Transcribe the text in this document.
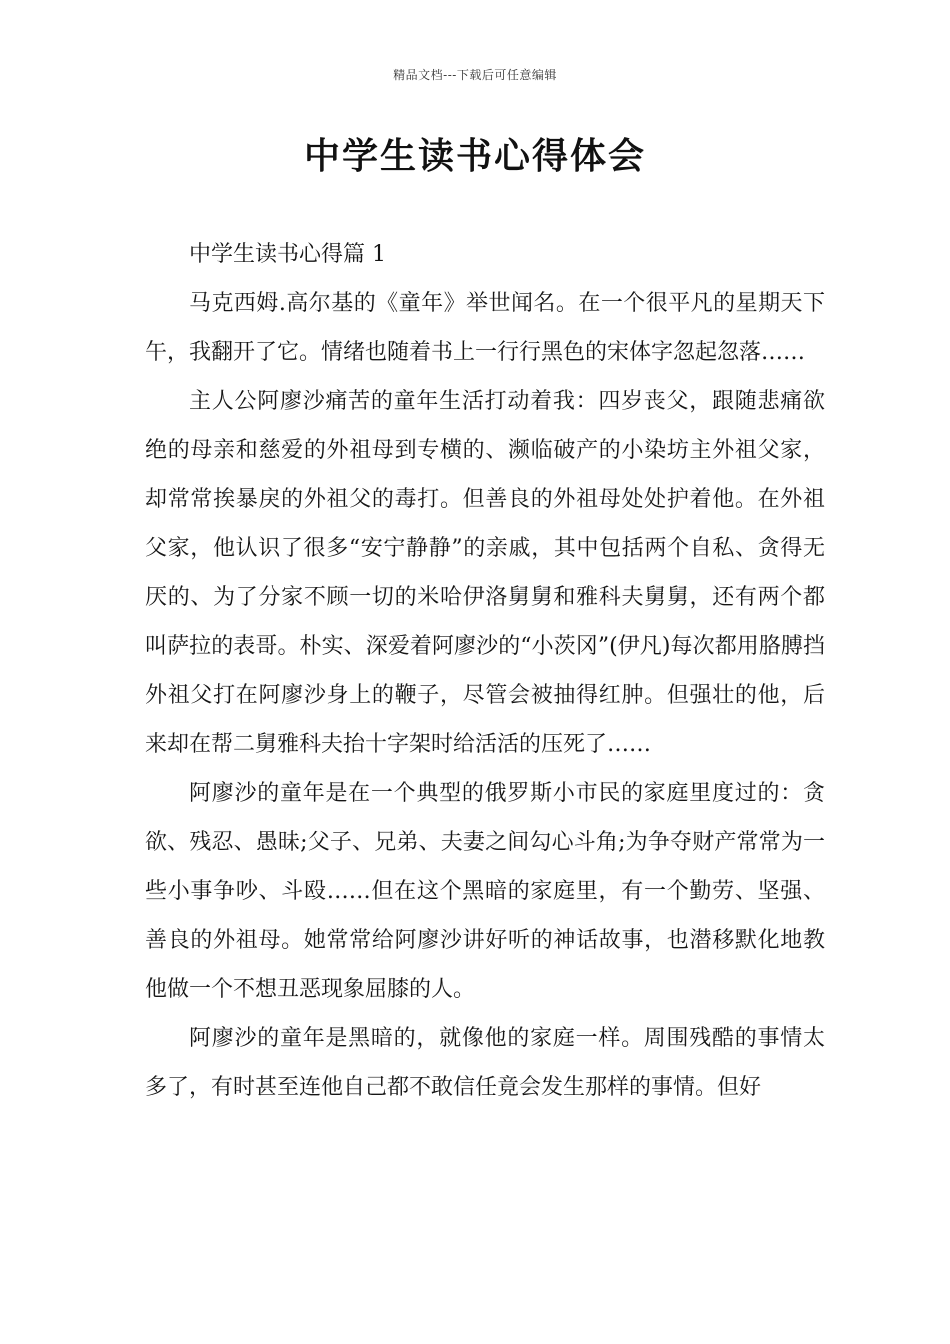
精品文档---下载后可任意编辑
中学生读书心得体会

中学生读书心得篇 1

马克西姆.高尔基的《童年》举世闻名。在一个很平凡的星期天下午，我翻开了它。情绪也随着书上一行行黑色的宋体字忽起忽落……

主人公阿廖沙痛苦的童年生活打动着我：四岁丧父，跟随悲痛欲绝的母亲和慈爱的外祖母到专横的、濒临破产的小染坊主外祖父家，却常常挨暴戾的外祖父的毒打。但善良的外祖母处处护着他。在外祖父家，他认识了很多“安宁静静”的亲戚，其中包括两个自私、贪得无厌的、为了分家不顾一切的米哈伊洛舅舅和雅科夫舅舅，还有两个都叫萨拉的表哥。朴实、深爱着阿廖沙的“小茨冈”(伊凡)每次都用胳膊挡外祖父打在阿廖沙身上的鞭子，尽管会被抽得红肿。但强壮的他，后来却在帮二舅雅科夫抬十字架时给活活的压死了……

阿廖沙的童年是在一个典型的俄罗斯小市民的家庭里度过的：贪欲、残忍、愚昧;父子、兄弟、夫妻之间勾心斗角;为争夺财产常常为一些小事争吵、斗殴……但在这个黑暗的家庭里，有一个勤劳、坚强、善良的外祖母。她常常给阿廖沙讲好听的神话故事，也潜移默化地教他做一个不想丑恶现象屈膝的人。

阿廖沙的童年是黑暗的，就像他的家庭一样。周围残酷的事情太多了，有时甚至连他自己都不敢信任竟会发生那样的事情。但好
